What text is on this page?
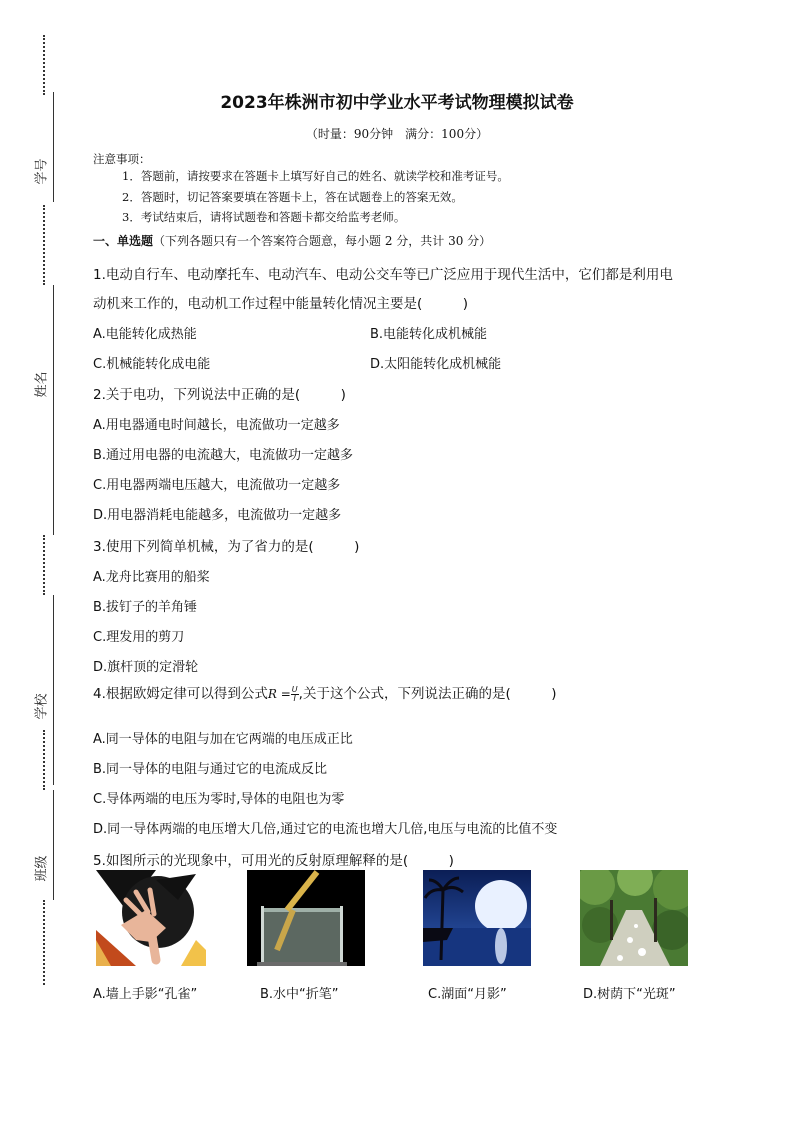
学号
姓名
学校
班级
2023年株洲市初中学业水平考试物理模拟试卷
（时量：90分钟　满分：100分）
注意事项：
1．答题前，请按要求在答题卡上填写好自己的姓名、就读学校和准考证号。
2．答题时，切记答案要填在答题卡上，答在试题卷上的答案无效。
3．考试结束后，请将试题卷和答题卡都交给监考老师。
一、单选题（下列各题只有一个答案符合题意，每小题 2 分，共计 30 分）
1.电动自行车、电动摩托车、电动汽车、电动公交车等已广泛应用于现代生活中，它们都是利用电
动机来工作的，电动机工作过程中能量转化情况主要是(　　　)
A.电能转化成热能	B.电能转化成机械能
C.机械能转化成电能	D.太阳能转化成机械能
2.关于电功，下列说法中正确的是(　　　)
A.用电器通电时间越长，电流做功一定越多
B.通过用电器的电流越大，电流做功一定越多
C.用电器两端电压越大，电流做功一定越多
D.用电器消耗电能越多，电流做功一定越多
3.使用下列简单机械，为了省力的是(　　　)
A.龙舟比赛用的船桨
B.拔钉子的羊角锤
C.理发用的剪刀
D.旗杆顶的定滑轮
4.根据欧姆定律可以得到公式$R = \frac{U}{I}$ ,关于这个公式，下列说法正确的是(　　　)
A.同一导体的电阻与加在它两端的电压成正比
B.同一导体的电阻与通过它的电流成反比
C.导体两端的电压为零时,导体的电阻也为零
D.同一导体两端的电压增大几倍,通过它的电流也增大几倍,电压与电流的比值不变
5.如图所示的光现象中，可用光的反射原理解释的是(　　　)
A.墙上手影“孔雀”	B.水中“折笔”	C.湖面“月影”	D.树荫下“光斑”
